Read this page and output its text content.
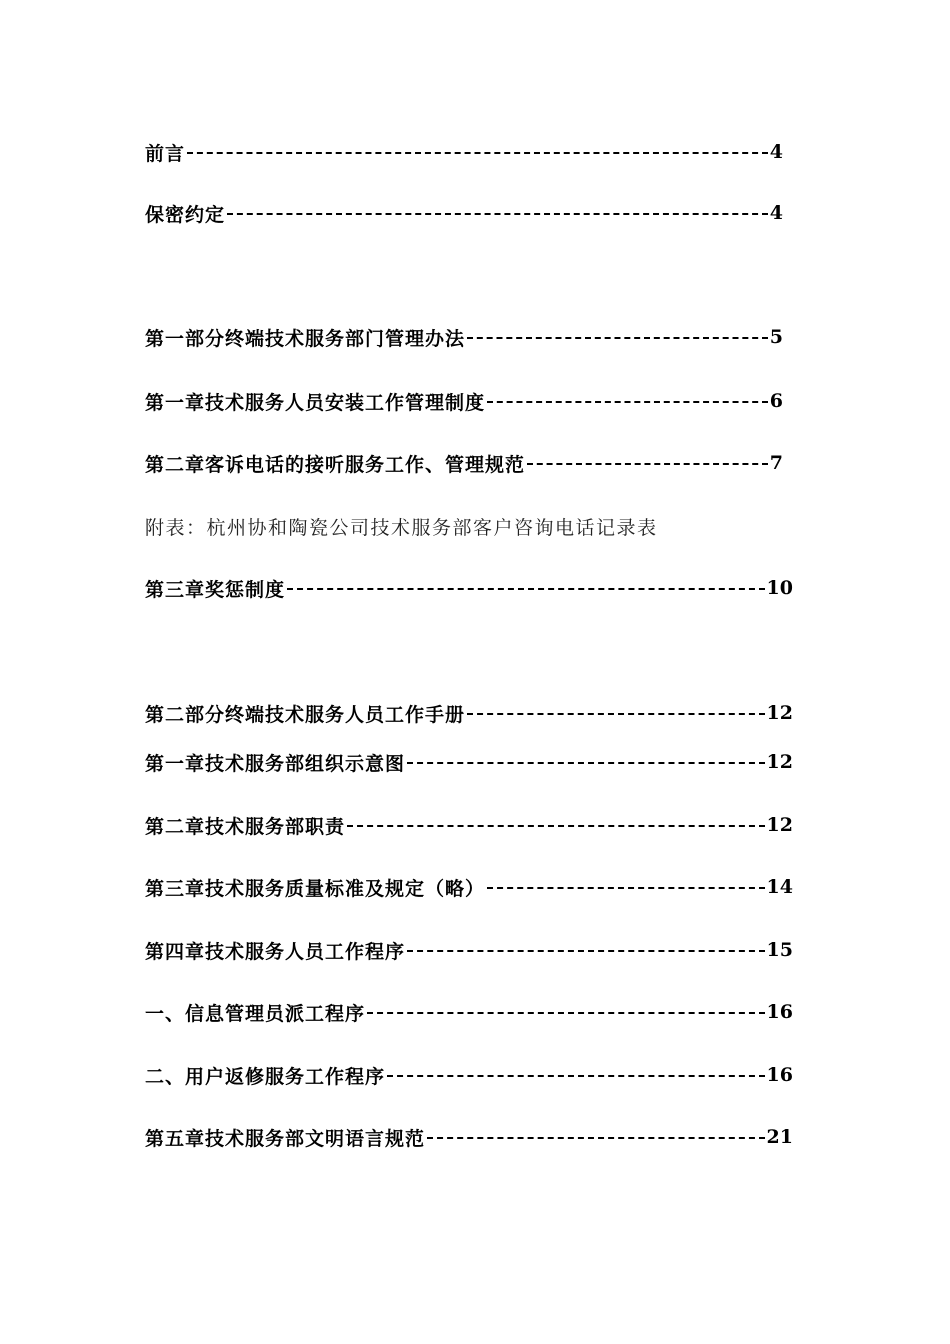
前言	4
保密约定	4
第一部分终端技术服务部门管理办法	5
第一章技术服务人员安装工作管理制度	6
第二章客诉电话的接听服务工作、管理规范	7
附表：杭州协和陶瓷公司技术服务部客户咨询电话记录表
第三章奖惩制度	10
第二部分终端技术服务人员工作手册	12
第一章技术服务部组织示意图	12
第二章技术服务部职责	12
第三章技术服务质量标准及规定（略）	14
第四章技术服务人员工作程序	15
一、信息管理员派工程序	16
二、用户返修服务工作程序	16
第五章技术服务部文明语言规范	21
